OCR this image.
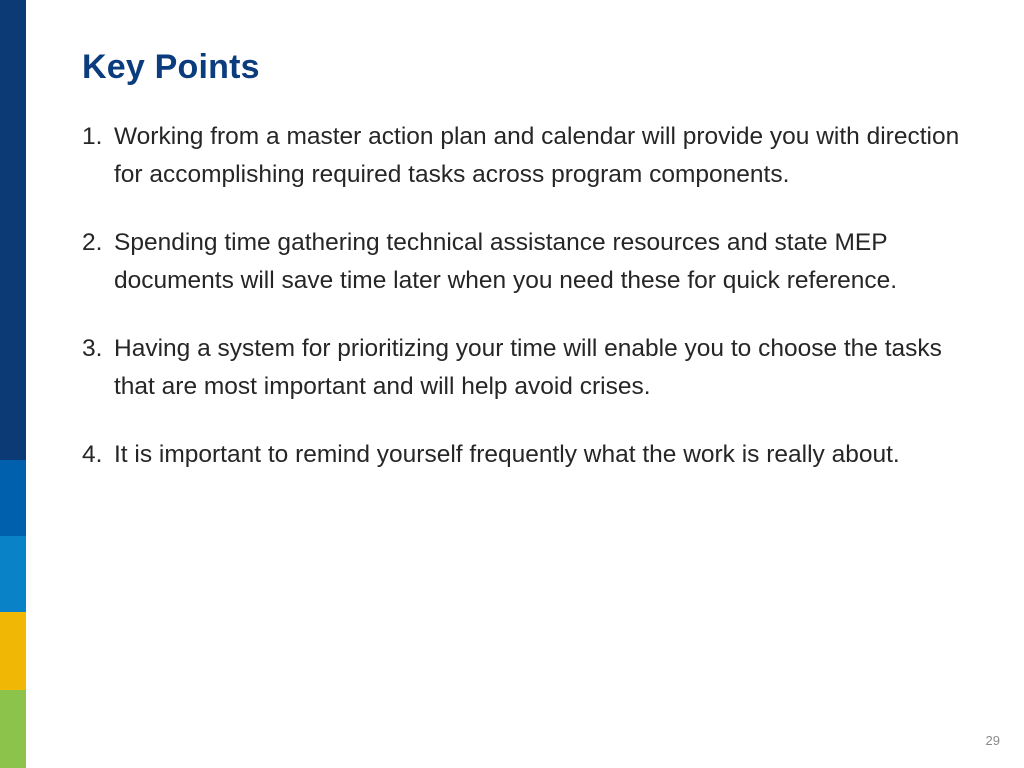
Key Points
1. Working from a master action plan and calendar will provide you with direction for accomplishing required tasks across program components.
2. Spending time gathering technical assistance resources and state MEP documents will save time later when you need these for quick reference.
3. Having a system for prioritizing your time will enable you to choose the tasks that are most important and will help avoid crises.
4. It is important to remind yourself frequently what the work is really about.
29
